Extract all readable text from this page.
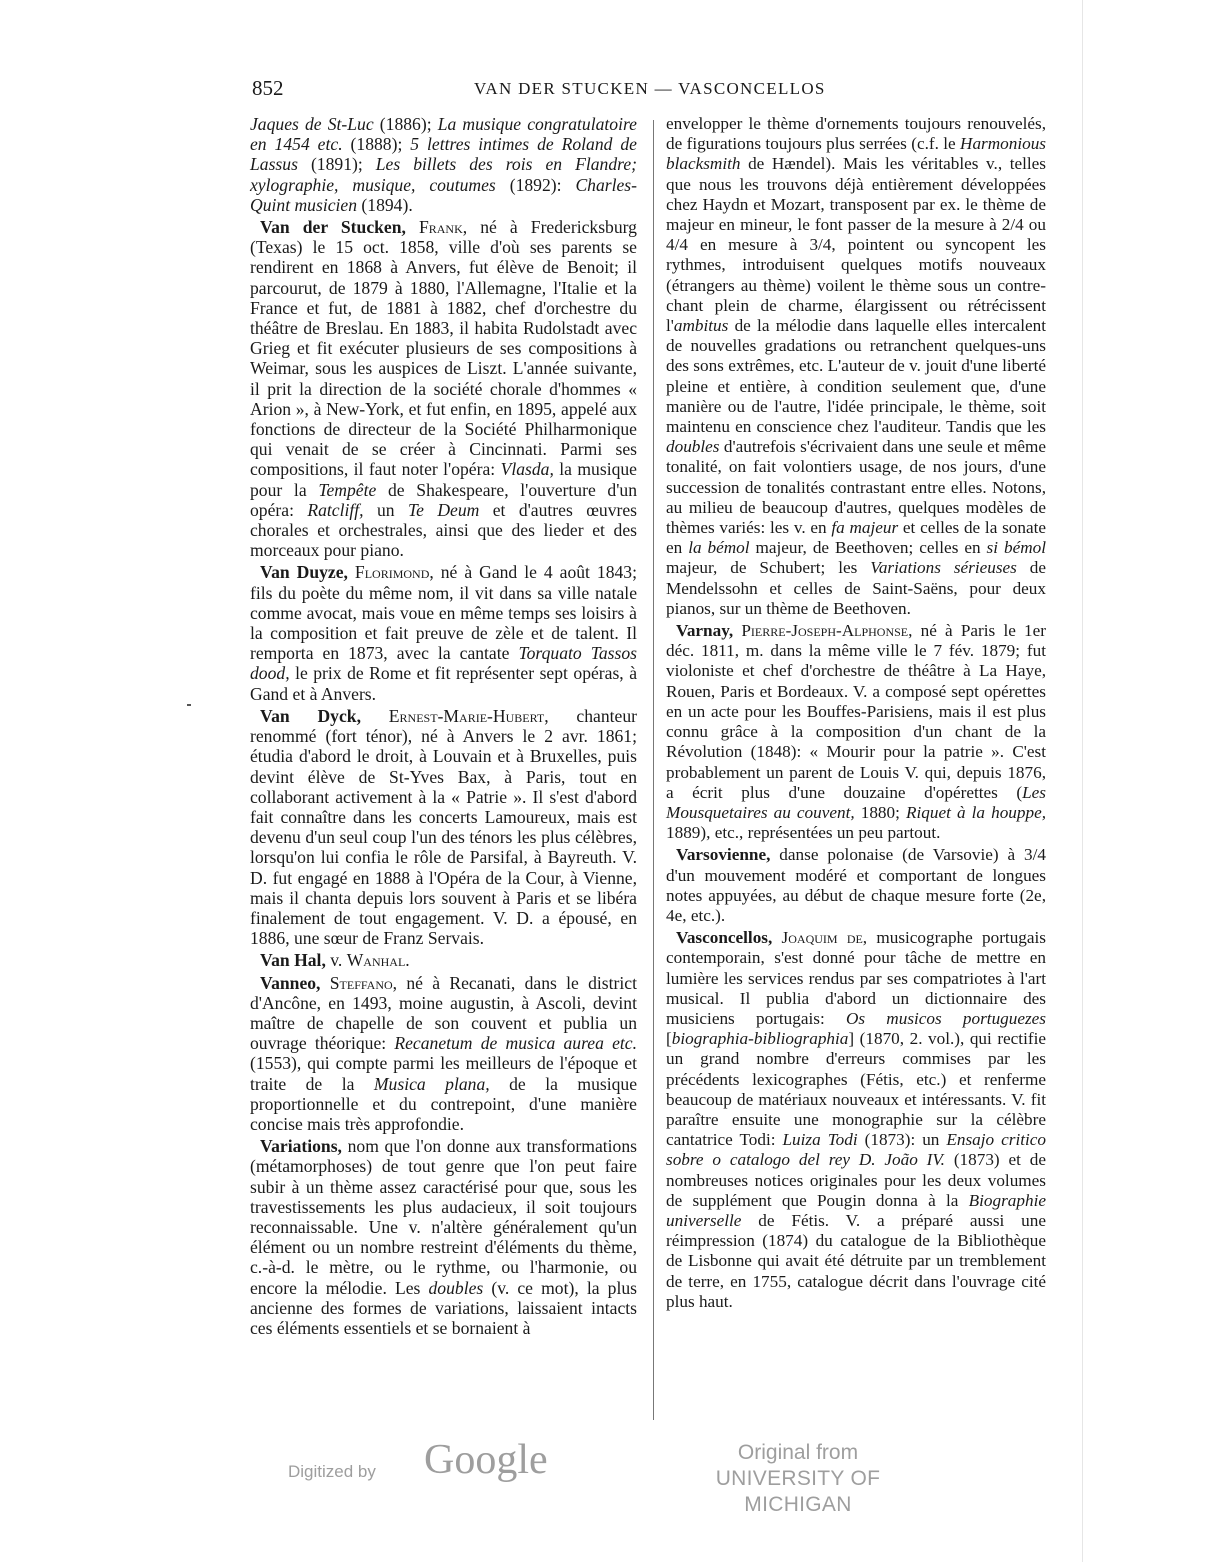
852	VAN DER STUCKEN — VASCONCELLOS

Jaques de St-Luc (1886); La musique congratulatoire en 1454 etc. (1888); 5 lettres intimes de Roland de Lassus (1891); Les billets des rois en Flandre; xylographie, musique, coutumes (1892): Charles-Quint musicien (1894).

Van der Stucken, Frank, né à Fredericksburg (Texas) le 15 oct. 1858, ville d'où ses parents se rendirent en 1868 à Anvers, fut élève de Benoit; il parcourut, de 1879 à 1880, l'Allemagne, l'Italie et la France et fut, de 1881 à 1882, chef d'orchestre du théâtre de Breslau. En 1883, il habita Rudolstadt avec Grieg et fit exécuter plusieurs de ses compositions à Weimar, sous les auspices de Liszt. L'année suivante, il prit la direction de la société chorale d'hommes « Arion », à New-York, et fut enfin, en 1895, appelé aux fonctions de directeur de la Société Philharmonique qui venait de se créer à Cincinnati. Parmi ses compositions, il faut noter l'opéra: Vlasda, la musique pour la Tempête de Shakespeare, l'ouverture d'un opéra: Ratcliff, un Te Deum et d'autres œuvres chorales et orchestrales, ainsi que des lieder et des morceaux pour piano.

Van Duyze, Florimond, né à Gand le 4 août 1843; fils du poète du même nom, il vit dans sa ville natale comme avocat, mais voue en même temps ses loisirs à la composition et fait preuve de zèle et de talent. Il remporta en 1873, avec la cantate Torquato Tassos dood, le prix de Rome et fit représenter sept opéras, à Gand et à Anvers.

Van Dyck, Ernest-Marie-Hubert, chanteur renommé (fort ténor), né à Anvers le 2 avr. 1861; étudia d'abord le droit, à Louvain et à Bruxelles, puis devint élève de St-Yves Bax, à Paris, tout en collaborant activement à la « Patrie ». Il s'est d'abord fait connaître dans les concerts Lamoureux, mais est devenu d'un seul coup l'un des ténors les plus célèbres, lorsqu'on lui confia le rôle de Parsifal, à Bayreuth. V. D. fut engagé en 1888 à l'Opéra de la Cour, à Vienne, mais il chanta depuis lors souvent à Paris et se libéra finalement de tout engagement. V. D. a épousé, en 1886, une sœur de Franz Servais.

Van Hal, v. Wanhal.

Vanneo, Steffano, né à Recanati, dans le district d'Ancône, en 1493, moine augustin, à Ascoli, devint maître de chapelle de son couvent et publia un ouvrage théorique: Recanetum de musica aurea etc. (1553), qui compte parmi les meilleurs de l'époque et traite de la Musica plana, de la musique proportionnelle et du contrepoint, d'une manière concise mais très approfondie.

Variations, nom que l'on donne aux transformations (métamorphoses) de tout genre que l'on peut faire subir à un thème assez caractérisé pour que, sous les travestissements les plus audacieux, il soit toujours reconnaissable. Une v. n'altère généralement qu'un élément ou un nombre restreint d'éléments du thème, c.-à-d. le mètre, ou le rythme, ou l'harmonie, ou encore la mélodie. Les doubles (v. ce mot), la plus ancienne des formes de variations, laissaient intacts ces éléments essentiels et se bornaient à

envelopper le thème d'ornements toujours renouvelés, de figurations toujours plus serrées (c.f. le Harmonious blacksmith de Hændel). Mais les véritables v., telles que nous les trouvons déjà entièrement développées chez Haydn et Mozart, transposent par ex. le thème de majeur en mineur, le font passer de la mesure à 2/4 ou 4/4 en mesure à 3/4, pointent ou syncopent les rythmes, introduisent quelques motifs nouveaux (étrangers au thème) voilent le thème sous un contre-chant plein de charme, élargissent ou rétrécissent l'ambitus de la mélodie dans laquelle elles intercalent de nouvelles gradations ou retranchent quelques-uns des sons extrêmes, etc. L'auteur de v. jouit d'une liberté pleine et entière, à condition seulement que, d'une manière ou de l'autre, l'idée principale, le thème, soit maintenu en conscience chez l'auditeur. Tandis que les doubles d'autrefois s'écrivaient dans une seule et même tonalité, on fait volontiers usage, de nos jours, d'une succession de tonalités contrastant entre elles. Notons, au milieu de beaucoup d'autres, quelques modèles de thèmes variés: les v. en fa majeur et celles de la sonate en la bémol majeur, de Beethoven; celles en si bémol majeur, de Schubert; les Variations sérieuses de Mendelssohn et celles de Saint-Saëns, pour deux pianos, sur un thème de Beethoven.

Varnay, Pierre-Joseph-Alphonse, né à Paris le 1er déc. 1811, m. dans la même ville le 7 fév. 1879; fut violoniste et chef d'orchestre de théâtre à La Haye, Rouen, Paris et Bordeaux. V. a composé sept opérettes en un acte pour les Bouffes-Parisiens, mais il est plus connu grâce à la composition d'un chant de la Révolution (1848): « Mourir pour la patrie ». C'est probablement un parent de Louis V. qui, depuis 1876, a écrit plus d'une douzaine d'opérettes (Les Mousquetaires au couvent, 1880; Riquet à la houppe, 1889), etc., représentées un peu partout.

Varsovienne, danse polonaise (de Varsovie) à 3/4 d'un mouvement modéré et comportant de longues notes appuyées, au début de chaque mesure forte (2e, 4e, etc.).

Vasconcellos, Joaquim de, musicographe portugais contemporain, s'est donné pour tâche de mettre en lumière les services rendus par ses compatriotes à l'art musical. Il publia d'abord un dictionnaire des musiciens portugais: Os musicos portuguezes [biographia-bibliographia] (1870, 2. vol.), qui rectifie un grand nombre d'erreurs commises par les précédents lexicographes (Fétis, etc.) et renferme beaucoup de matériaux nouveaux et intéressants. V. fit paraître ensuite une monographie sur la célèbre cantatrice Todi: Luiza Todi (1873): un Ensajo critico sobre o catalogo del rey D. João IV. (1873) et de nombreuses notices originales pour les deux volumes de supplément que Pougin donna à la Biographie universelle de Fétis. V. a préparé aussi une réimpression (1874) du catalogue de la Bibliothèque de Lisbonne qui avait été détruite par un tremblement de terre, en 1755, catalogue décrit dans l'ouvrage cité plus haut.

Digitized by Google	Original from
UNIVERSITY OF MICHIGAN
